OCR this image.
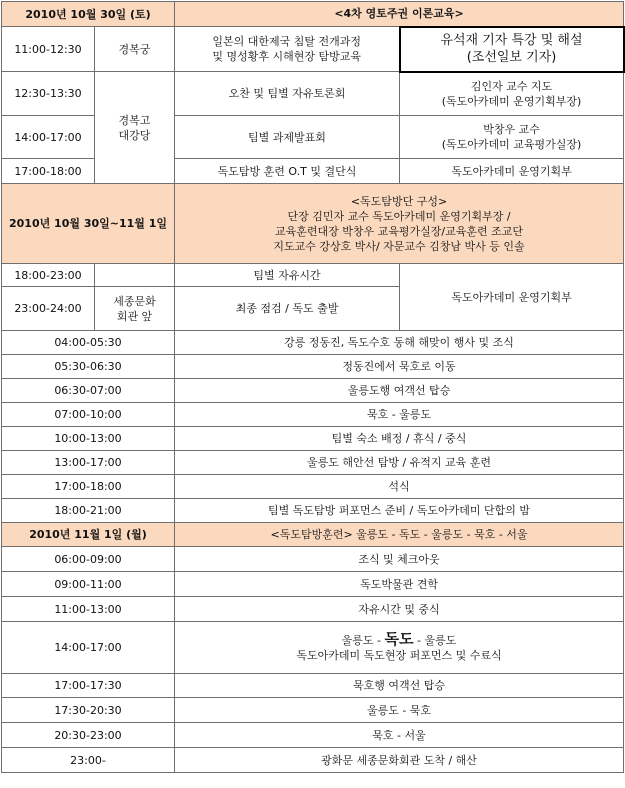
2010년 10월 30일 (토)		<4차 영토주권 이론교육>	
11:00-12:30	경복궁	일본의 대한제국 침탈 전개과정
및 명성황후 시해현장 탐방교육	유석재 기자 특강 및 해설
(조선일보 기자)

12:30-13:30	경복고
대강당	오찬 및 팀별 자유토론회	김인자 교수 지도
(독도아카데미 운영기획부장)

14:00-17:00		팀별 과제발표회	박창우 교수
(독도아카데미 교육평가실장)

17:00-18:00		독도탐방 훈련 O.T 및 결단식	독도아카데미 운영기획부
2010년 10월 30일~11월 1일		<독도탐방단 구성>
단장 김민자 교수 독도아카데미 운영기획부장 /
교육훈련대장 박창우 교육평가실장/교육훈련 조교단
지도교수 강상호 박사/ 자문교수 김창남 박사 등 인솔	

18:00-23:00		팀별 자유시간	독도아카데미 운영기획부
23:00-24:00	세종문화
회관 앞	최종 점검 / 독도 출발	
04:00-05:30		강릉 정동진, 독도수호 동해 해맞이 행사 및 조식	
05:30-06:30		정동진에서 묵호로 이동	
06:30-07:00		울릉도행 여객선 탑승	
07:00-10:00		묵호 - 울릉도	
10:00-13:00		팀별 숙소 배정 / 휴식 / 중식	
13:00-17:00		울릉도 해안선 탐방 / 유적지 교육 훈련	
17:00-18:00		석식	
18:00-21:00		팀별 독도탐방 퍼포먼스 준비 / 독도아카데미 단합의 밤	
2010년 11월 1일 (월)		<독도탐방훈련> 울릉도 - 독도 - 울릉도 - 묵호 - 서울	
06:00-09:00		조식 및 체크아웃	
09:00-11:00		독도박물관 견학	
11:00-13:00		자유시간 및 중식	
14:00-17:00		울릉도 - 독도 - 울릉도
독도아카데미 독도현장 퍼포먼스 및 수료식	

17:00-17:30		묵호행 여객선 탑승	
17:30-20:30		울릉도 - 묵호	
20:30-23:00		묵호 - 서울	
23:00-		광화문 세종문화회관 도착 / 해산	
